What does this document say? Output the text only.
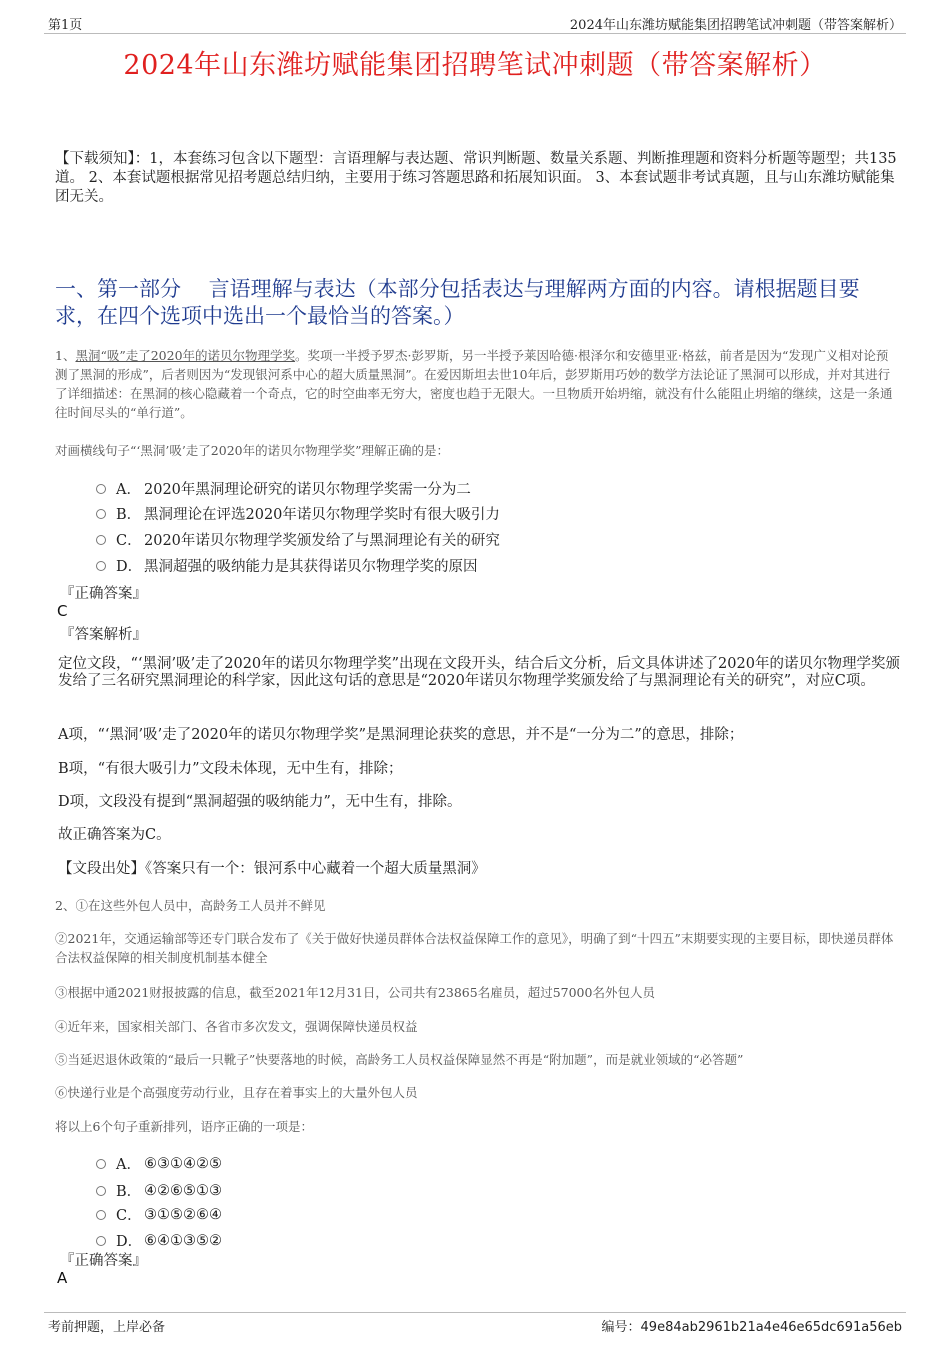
第1页	2024年山东潍坊赋能集团招聘笔试冲刺题（带答案解析）
2024年山东潍坊赋能集团招聘笔试冲刺题（带答案解析）
【下载须知】：1，本套练习包含以下题型：言语理解与表达题、常识判断题、数量关系题、判断推理题和资料分析题等题型；共135道。 2、本套试题根据常见招考题总结归纳，主要用于练习答题思路和拓展知识面。 3、本套试题非考试真题，且与山东潍坊赋能集团无关。
一、第一部分　 言语理解与表达（本部分包括表达与理解两方面的内容。请根据题目要求，在四个选项中选出一个最恰当的答案。）
1、黑洞“吸”走了2020年的诺贝尔物理学奖。奖项一半授予罗杰·彭罗斯，另一半授予莱因哈德·根泽尔和安德里亚·格兹，前者是因为“发现广义相对论预测了黑洞的形成”，后者则因为“发现银河系中心的超大质量黑洞”。在爱因斯坦去世10年后，彭罗斯用巧妙的数学方法论证了黑洞可以形成，并对其进行了详细描述：在黑洞的核心隐藏着一个奇点，它的时空曲率无穷大，密度也趋于无限大。一旦物质开始坍缩，就没有什么能阻止坍缩的继续，这是一条通往时间尽头的“单行道”。
对画横线句子“‘黑洞’吸’走了2020年的诺贝尔物理学奖”理解正确的是：
A． 2020年黑洞理论研究的诺贝尔物理学奖需一分为二
B． 黑洞理论在评选2020年诺贝尔物理学奖时有很大吸引力
C． 2020年诺贝尔物理学奖颁发给了与黑洞理论有关的研究
D． 黑洞超强的吸纳能力是其获得诺贝尔物理学奖的原因
『正确答案』
C
『答案解析』
定位文段，“‘黑洞’吸’走了2020年的诺贝尔物理学奖”出现在文段开头，结合后文分析，后文具体讲述了2020年的诺贝尔物理学奖颁发给了三名研究黑洞理论的科学家，因此这句话的意思是“2020年诺贝尔物理学奖颁发给了与黑洞理论有关的研究”，对应C项。
A项，“‘黑洞’吸’走了2020年的诺贝尔物理学奖”是黑洞理论获奖的意思，并不是“一分为二”的意思，排除；
B项，“有很大吸引力”文段未体现，无中生有，排除；
D项，文段没有提到“黑洞超强的吸纳能力”，无中生有，排除。
故正确答案为C。
【文段出处】《答案只有一个：银河系中心藏着一个超大质量黑洞》
2、①在这些外包人员中，高龄务工人员并不鲜见
②2021年，交通运输部等还专门联合发布了《关于做好快递员群体合法权益保障工作的意见》，明确了到“十四五”末期要实现的主要目标，即快递员群体合法权益保障的相关制度机制基本健全
③根据中通2021财报披露的信息，截至2021年12月31日，公司共有23865名雇员，超过57000名外包人员
④近年来，国家相关部门、各省市多次发文，强调保障快递员权益
⑤当延迟退休政策的“最后一只靴子”快要落地的时候，高龄务工人员权益保障显然不再是“附加题”，而是就业领域的“必答题”
⑥快递行业是个高强度劳动行业，且存在着事实上的大量外包人员
将以上6个句子重新排列，语序正确的一项是：
A． ⑥③①④②⑤
B． ④②⑥⑤①③
C． ③①⑤②⑥④
D． ⑥④①③⑤②
『正确答案』
A
考前押题，上岸必备	编号：49e84ab2961b21a4e46e65dc691a56eb
